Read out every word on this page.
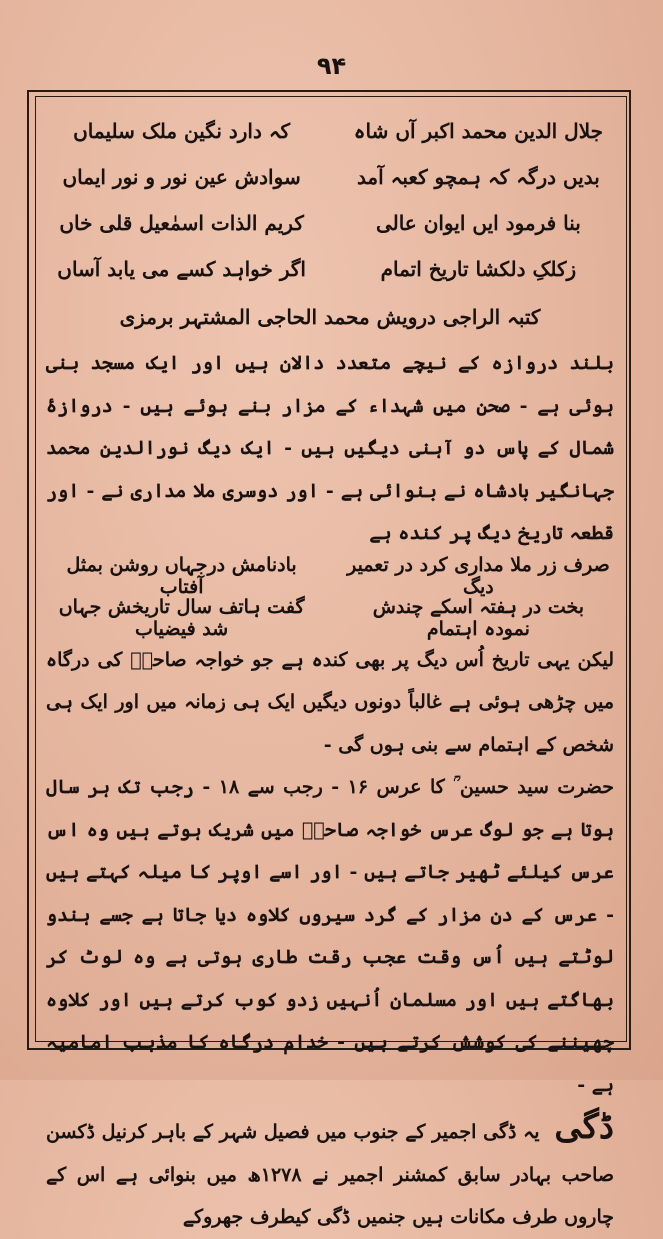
۹۴
جلال الدین محمد اکبر آں شاہ
کہ دارد نگین ملک سلیماں
بدیں درگہ کہ ہمچو کعبہ آمد
سوادش عین نور و نور ایماں
بنا فرمود ایں ایوان عالی
کریم الذات اسمٰعیل قلی خاں
زکلکِ دلکشا تاریخ اتمام
اگر خواہد کسے می یابد آساں
کتبہ الراجی درویش محمد الحاجی المشتہر برمزی

بلند دروازہ کے نیچے متعدد دالان ہیں اور ایک مسجد بنی ہوئی ہے - صحن میں شہداء کے مزار بنے ہوئے ہیں - دروازۂ شمال کے پاس دو آہنی دیگیں ہیں - ایک دیگ نورالدین محمد جہانگیر بادشاہ نے بنوائی ہے - اور دوسری ملا مداری نے - اور قطعہ تاریخ دیگ پر کندہ ہے

صرف زر ملا مداری کرد در تعمیر دیگ
بادنامش درجہاں روشن بمثل آفتاب
بخت در ہفتہ اسکے چندش نمودہ اہتمام
گفت ہاتف سال تاریخش جہاں شد فیضیاب

لیکن یہی تاریخ اُس دیگ پر بھی کندہ ہے جو خواجہ صاحبؒ کی درگاہ میں چڑھی ہوئی ہے غالباً دونوں دیگیں ایک ہی زمانہ میں اور ایک ہی شخص کے اہتمام سے بنی ہوں گی -

حضرت سید حسین ؒ کا عرس ۱۶ - رجب سے ۱۸ - رجب تک ہر سال ہوتا ہے جو لوگ عرس خواجہ صاحبؒ میں شریک ہوتے ہیں وہ اس عرس کیلئے ٹھیر جاتے ہیں - اور اسے اوپر کا میلہ کہتے ہیں - عرس کے دن مزار کے گرد سیروں کلاوہ دیا جاتا ہے جسے ہندو لوٹتے ہیں اُس وقت عجب رقت طاری ہوتی ہے وہ لوٹ کر بھاگتے ہیں اور مسلمان اُنہیں زدو کوب کرتے ہیں اور کلاوہ چھیننے کی کوشش کرتے ہیں - خدام درگاہ کا مذہب امامیہ ہے -

ڈگی یہ ڈگی اجمیر کے جنوب میں فصیل شہر کے باہر کرنیل ڈکسن صاحب بہادر سابق کمشنر اجمیر نے ۱۲۷۸ھ میں بنوائی ہے اس کے چاروں طرف مکانات ہیں جنمیں ڈگی کیطرف جھروکے
